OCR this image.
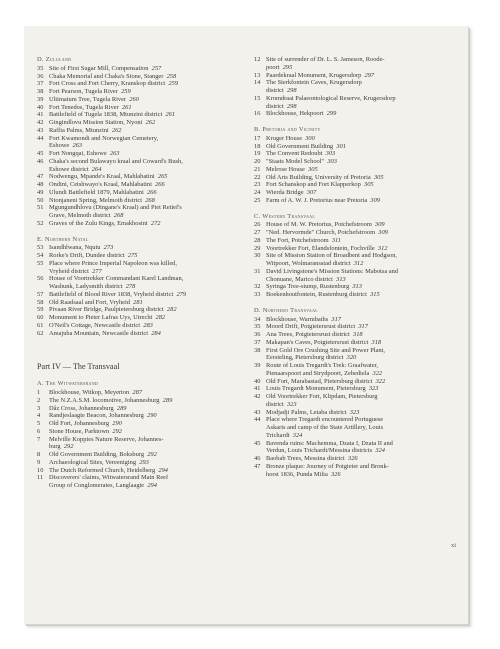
D. Zululand
35 Site of First Sugar Mill, Compensation  257
36 Chaka Memorial and Chaka's Stone, Stanger  258
37 Fort Cross and Fort Cherry, Kranskop district  259
38 Fort Pearson, Tugela River  259
39 Ultimatum Tree, Tugela River  260
40 Fort Tenedos, Tugela River  261
41 Battlefield of Tugela 1838, Mtunzini district  261
42 Gingindlovu Mission Station, Nyoni  262
43 Raffia Palms, Mtunzini  262
44 Fort Kwamondi and Norwegian Cemetery,
Eshowe  263
45 Fort Nongqai, Eshowe  263
46 Chaka's second Bulawayo kraal and Coward's Bush,
Eshowe district  264
47 Nodwengu, Mpande's Kraal, Mahlabatini  265
48 Ondini, Cetshwayo's Kraal, Mahlabatini  266
49 Ulundi Battlefield 1879, Mahlabatini  266
50 Ntonjaneni Spring, Melmoth district  268
51 Mgungundhlovu (Dingane's Kraal) and Piet Retief's
Grave, Melmoth district  268
52 Graves of the Zulu Kings, Emakhosini  272
E. Northern Natal
53 Isandhlwana, Nqutu  273
54 Rorke's Drift, Dundee district  275
55 Place where Prince Imperial Napoleon was killed,
Vryheid district  277
56 House of Voortrekker Commandant Karel Landman,
Washunk, Ladysmith district  278
57 Battlefield of Blood River 1838, Vryheid district  279
58 Old Raadsaal and Fort, Vryheid  281
59 Pivaan River Bridge, Paulpietersburg district  282
60 Monument to Pieter Lafras Uys, Utrecht  282
61 O'Neil's Cottage, Newcastle district  283
62 Amajuba Mountain, Newcastle district  284
Part IV — The Transvaal
A. The Witwatersrand
1	Blockhouse, Witkop, Meyerton  287
2	The N.Z.A.S.M. locomotive, Johannesburg  289
3	Dâz Cross, Johannesburg  289
4	Randjeslaagte Beacon, Johannesburg  290
5	Old Fort, Johannesburg  290
6	Stone House, Parktown  292
7	Melville Koppies Nature Reserve, Johannes-
burg  292
8	Old Government Building, Boksburg  292
9	Archaeological Sites, Vereeniging  293
10 The Dutch Reformed Church, Heidelberg  294
11 Discoverers' claims, Witwatersrand Main Reef
Group of Conglomerates, Langlaagte  294
12 Site of surrender of Dr. L. S. Jameson, Roode-
poort  295
13 Paardekraal Monument, Krugersdorp  297
14 The Sterkfontein Caves, Krugersdorp
district  298
15 Kromdraai Palaeontological Reserve, Krugersdorp
district  298
16 Blockhouse, Hekpoort  299
B. Pretoria and Vicinity
17 Kruger House  300
18 Old Government Building  301
19 The Convent Redoubt  303
20 "Staats Model School"  303
21 Melrose House  305
22 Old Arts Building, University of Pretoria  305
23 Fort Schanskop and Fort Klapperkop  305
24 Wierda Bridge  307
25 Farm of A. W. J. Pretorius near Pretoria  309
C. Western Transvaal
26 House of M. W. Pretorius, Potchefstroom  309
27 "Ned. Hervormde" Church, Potchefstroom  309
28 The Fort, Potchefstroom  311
29 Voortrekker Fort, Elandsfontein, Fochville  312
30 Site of Mission Station of Broadbent and Hodgson,
Witpoort, Wolmaransstad district  312
31 David Livingstone's Mission Stations: Mabotsa and
Chonuane, Marico district  313
32 Syringa Tree-stump, Rustenburg  313
33 Boekenhoutfontein, Rustenburg district  315
D. Northern Transvaal
34 Blockhouse, Warmbaths  317
35 Moord Drift, Potgietersrust district  317
36 Ana Trees, Potgietersrust district  318
37 Makapan's Caves, Potgietersrust district  318
38 First Gold Ore Crushing Site and Power Plant,
Eersteling, Pietersburg district  320
39 Route of Louis Tregardt's Trek: Graafwater,
Pienaarspoort and Strydpoort, Zebediela  322
40 Old Fort, Marabastad, Pietersburg district  322
41 Louis Tregardt Monument, Pietersburg  323
42 Old Voortrekker Fort, Klipdam, Pietersburg
district  323
43 Modjadji Palms, Letaba district  323
44 Place where Tregardt encountered Portuguese
Askaris and camp of the State Artillery, Louis
Trichardt  324
45 Bavenda ruins: Machemma, Dzata I, Dzata II and
Verdun, Louis Trichardt/Messina districts  324
46 Baobab Trees, Messina district  326
47 Bronze plaque: Journey of Potgieter and Bronk-
horst 1836, Punda Milia  326
xi
